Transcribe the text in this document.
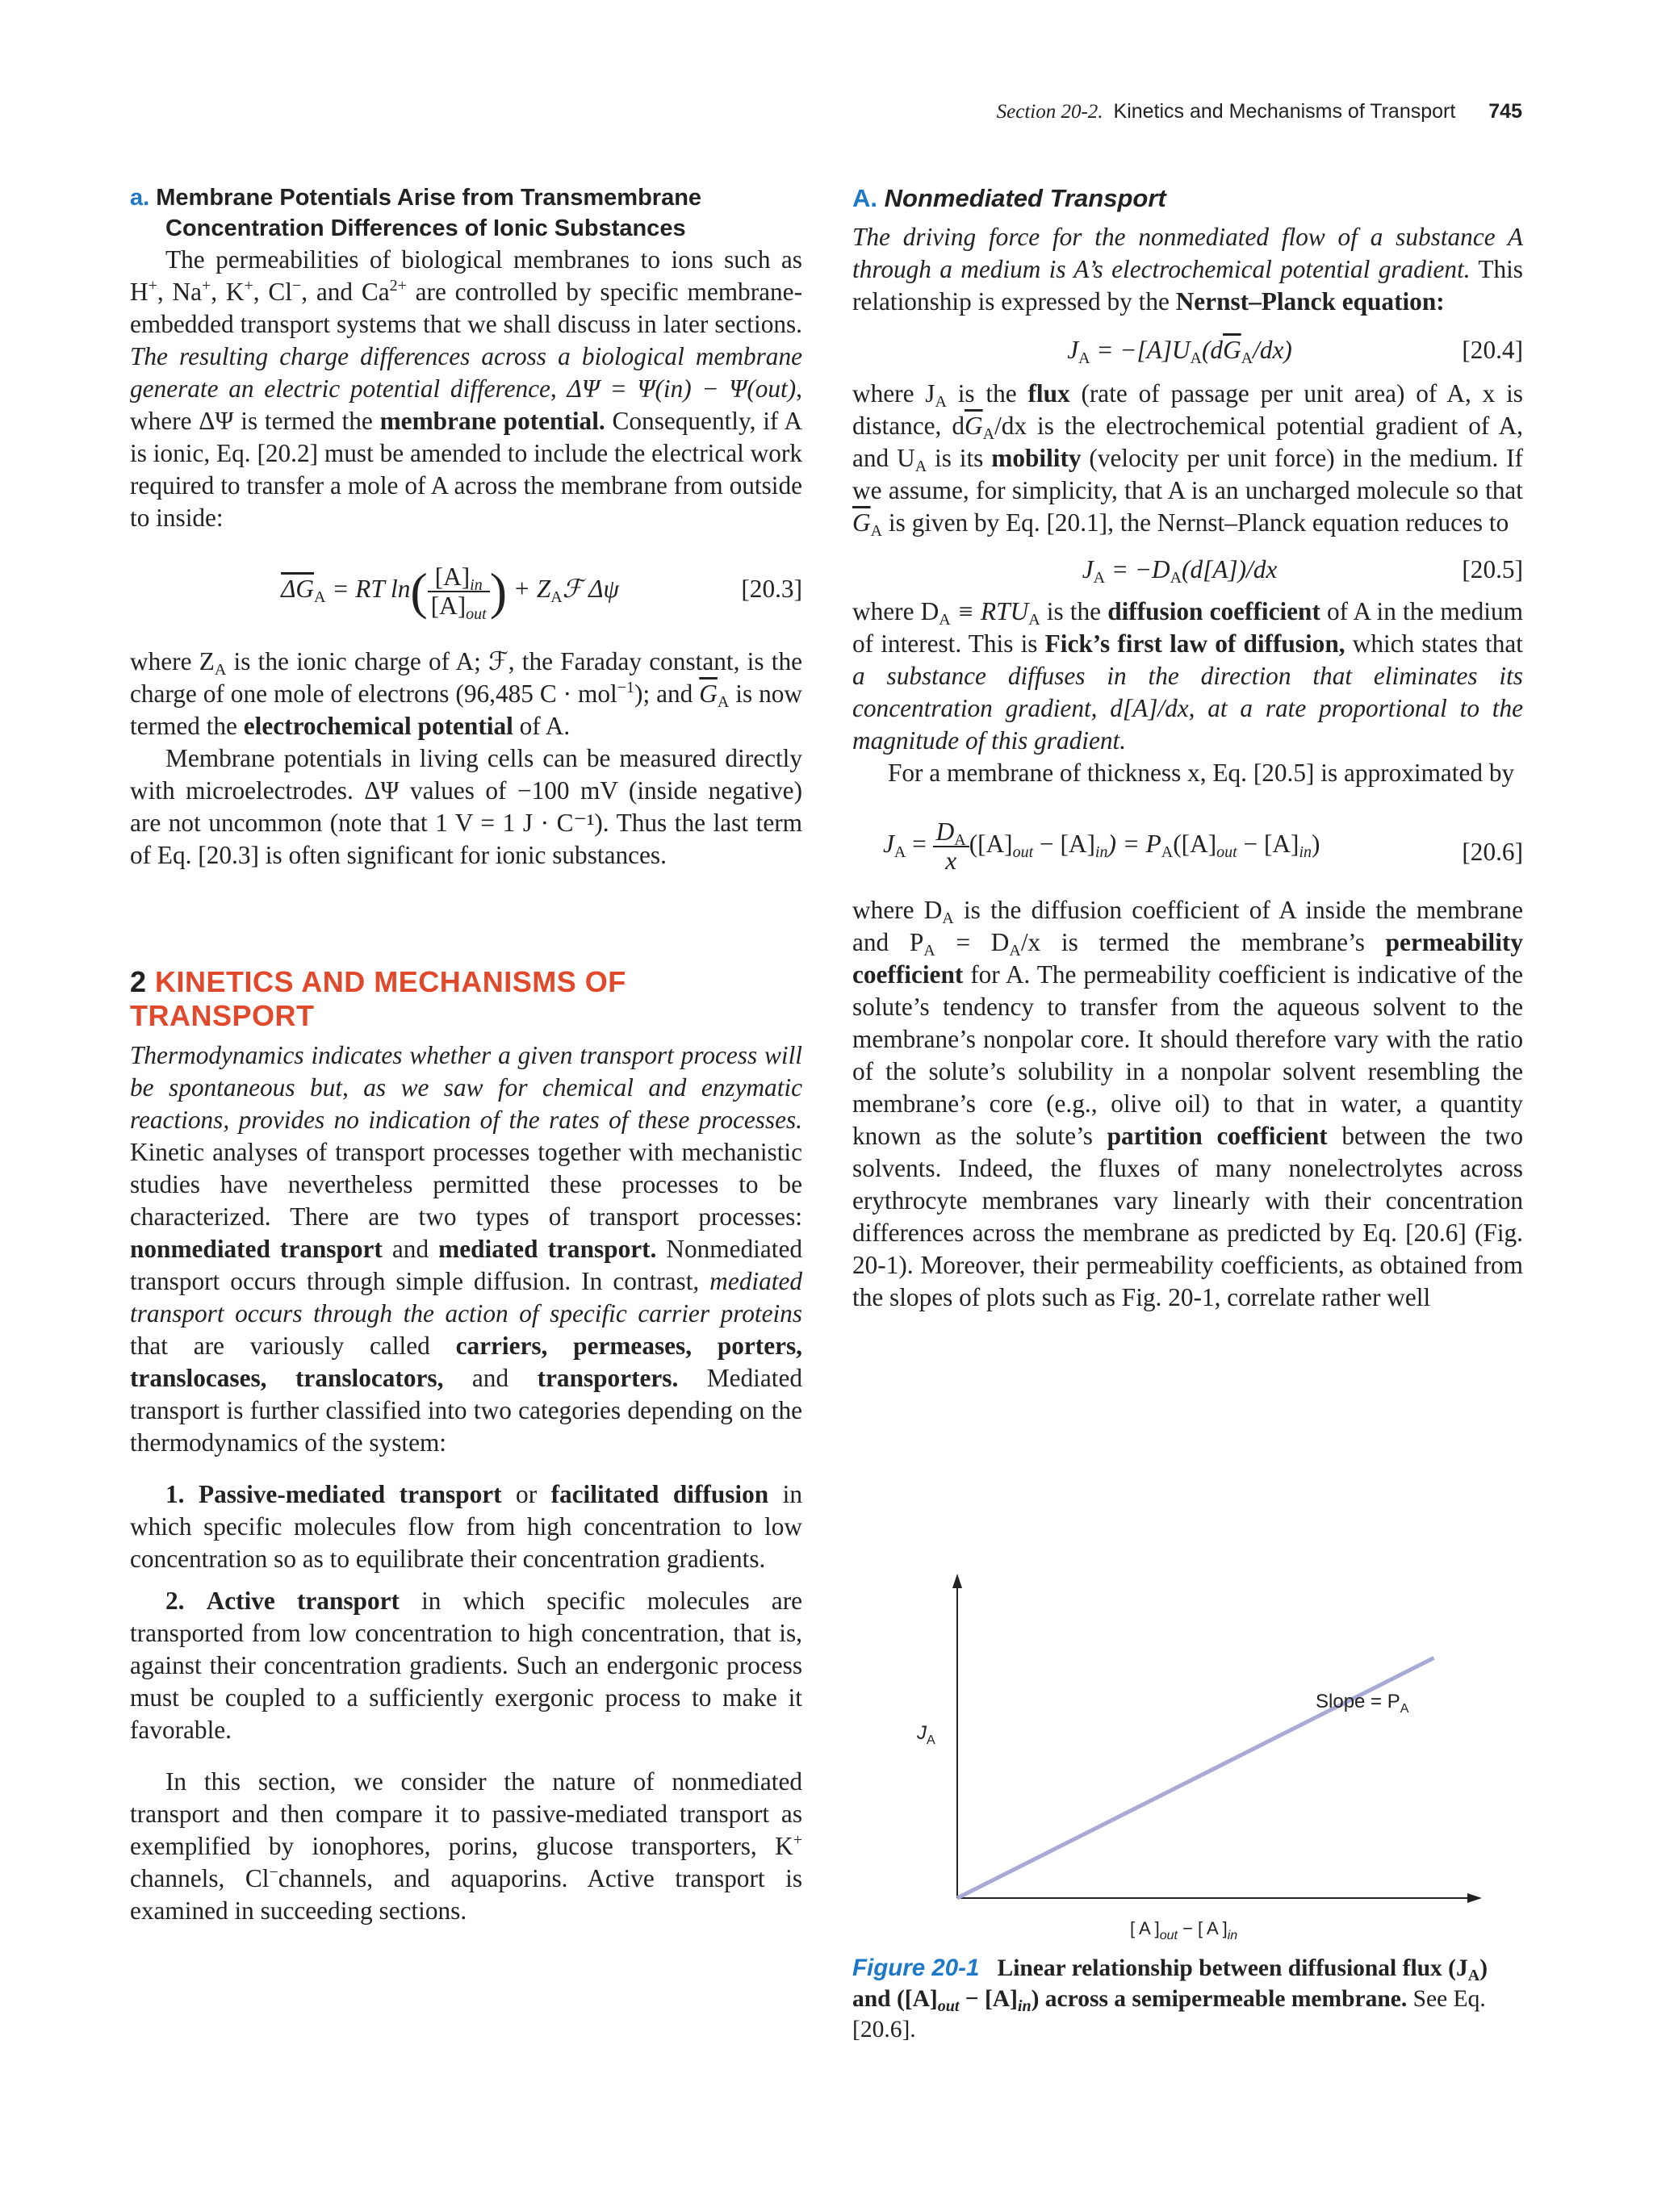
Section 20-2. Kinetics and Mechanisms of Transport 745
a. Membrane Potentials Arise from Transmembrane Concentration Differences of Ionic Substances

The permeabilities of biological membranes to ions such as H+, Na+, K+, Cl−, and $Ca^{2+}$ are controlled by specific membrane-embedded transport systems that we shall discuss in later sections. The resulting charge differences across a biological membrane generate an electric potential difference, ΔΨ = Ψ(in) − Ψ(out), where ΔΨ is termed the membrane potential. Consequently, if A is ionic, Eq. [20.2] must be amended to include the electrical work required to transfer a mole of A across the membrane from outside to inside:

$\overline{\Delta G}_A$ = RT $\ln( \frac{[A]_{in}}{[A]_{out}}$ ) + $Z_Aℱ$ Δψ	[20.3]

where $Z_A$ is the ionic charge of A; ℱ, the Faraday constant, is the charge of one mole of electrons (96,485 C · mol$^{-1}$); and $\overline{G}_A$ is now termed the electrochemical potential of A.

Membrane potentials in living cells can be measured directly with microelectrodes. ΔΨ values of −100 mV (inside negative) are not uncommon (note that 1 V = 1 J · C⁻¹). Thus the last term of Eq. [20.3] is often significant for ionic substances.

2 KINETICS AND MECHANISMS OF TRANSPORT

Thermodynamics indicates whether a given transport process will be spontaneous but, as we saw for chemical and enzymatic reactions, provides no indication of the rates of these processes. Kinetic analyses of transport processes together with mechanistic studies have nevertheless permitted these processes to be characterized. There are two types of transport processes: nonmediated transport and mediated transport. Nonmediated transport occurs through simple diffusion. In contrast, mediated transport occurs through the action of specific carrier proteins that are variously called carriers, permeases, porters, translocases, translocators, and transporters. Mediated transport is further classified into two categories depending on the thermodynamics of the system:

1. Passive-mediated transport or facilitated diffusion in which specific molecules flow from high concentration to low concentration so as to equilibrate their concentration gradients.

2. Active transport in which specific molecules are transported from low concentration to high concentration, that is, against their concentration gradients. Such an endergonic process must be coupled to a sufficiently exergonic process to make it favorable.

In this section, we consider the nature of nonmediated transport and then compare it to passive-mediated transport as exemplified by ionophores, porins, glucose transporters, K+ channels, Cl−channels, and aquaporins. Active transport is examined in succeeding sections.

A. Nonmediated Transport

The driving force for the nonmediated flow of a substance A through a medium is A’s electrochemical potential gradient. This relationship is expressed by the Nernst–Planck equation:

$J_A = -[A]U_A(d\overline{G}_A/dx)$	[20.4]

where $J_A$ is the flux (rate of passage per unit area) of A, x is distance, $d\overline{G}_A/dx$ is the electrochemical potential gradient of A, and $U_A$ is its mobility (velocity per unit force) in the medium. If we assume, for simplicity, that A is an uncharged molecule so that $\overline{G}_A$ is given by Eq. [20.1], the Nernst–Planck equation reduces to

$J_A = -D_A(d[A])/dx$	[20.5]

where $D_A \equiv RTU_A$ is the diffusion coefficient of A in the medium of interest. This is Fick’s first law of diffusion, which states that a substance diffuses in the direction that eliminates its concentration gradient, d[A]/dx, at a rate proportional to the magnitude of this gradient.

For a membrane of thickness x, Eq. [20.5] is approximated by

$J_A = \frac{D_A}{x} ([A]_{out} - [A]_{in}) = P_A([A]_{out} - [A]_{in})$	[20.6]

where $D_A$ is the diffusion coefficient of A inside the membrane and $P_A = D_A/x$ is termed the membrane’s permeability coefficient for A. The permeability coefficient is indicative of the solute’s tendency to transfer from the aqueous solvent to the membrane’s nonpolar core. It should therefore vary with the ratio of the solute’s solubility in a nonpolar solvent resembling the membrane’s core (e.g., olive oil) to that in water, a quantity known as the solute’s partition coefficient between the two solvents. Indeed, the fluxes of many nonelectrolytes across erythrocyte membranes vary linearly with their concentration differences across the membrane as predicted by Eq. [20.6] (Fig. 20-1). Moreover, their permeability coefficients, as obtained from the slopes of plots such as Fig. 20-1, correlate rather well

$J_A$
Slope = $P_A$
[ A ]$_{out}$ − [ A ]$_{in}$

Figure 20-1 Linear relationship between diffusional flux $(J_A)$ and $([A]_{out} - [A]_{in})$ across a semipermeable membrane. See Eq. [20.6].
